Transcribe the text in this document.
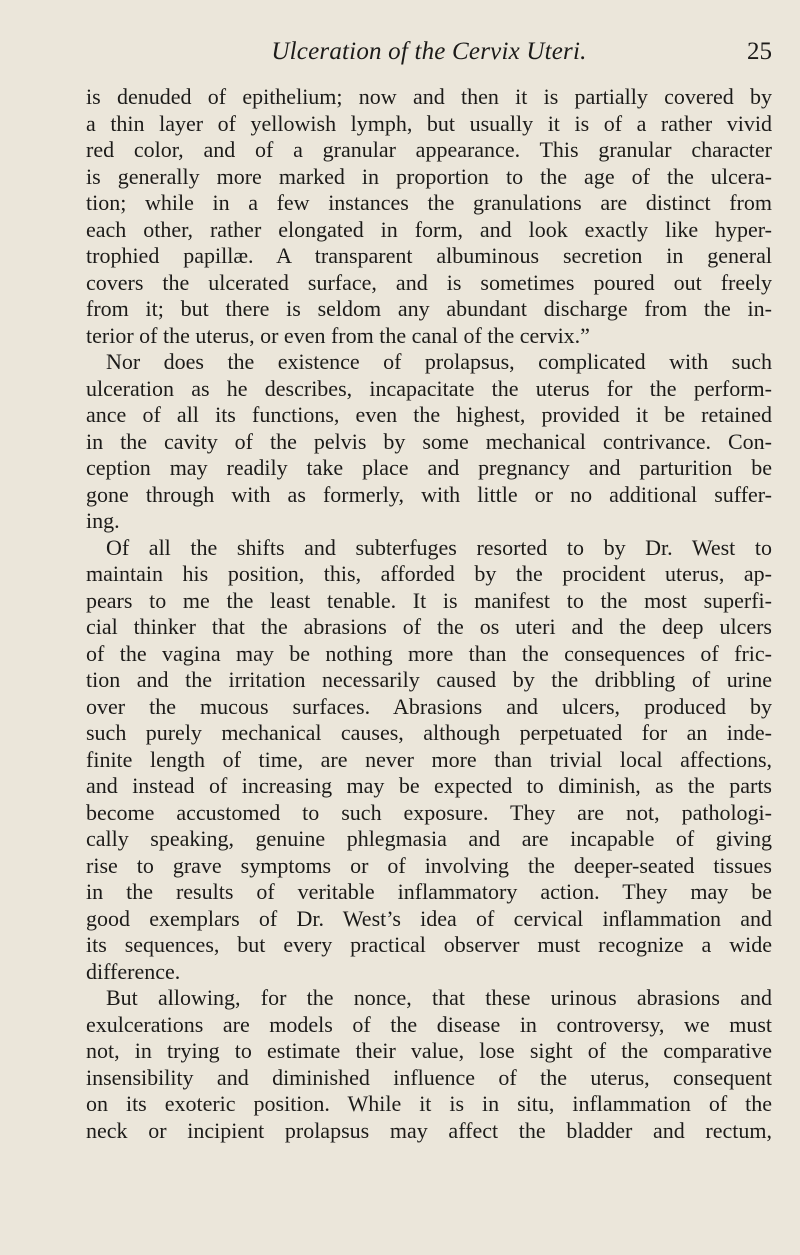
Ulceration of the Cervix Uteri.	25
is denuded of epithelium; now and then it is partially covered by
a thin layer of yellowish lymph, but usually it is of a rather vivid
red color, and of a granular appearance. This granular character
is generally more marked in proportion to the age of the ulcera-
tion; while in a few instances the granulations are distinct from
each other, rather elongated in form, and look exactly like hyper-
trophied papillæ. A transparent albuminous secretion in general
covers the ulcerated surface, and is sometimes poured out freely
from it; but there is seldom any abundant discharge from the in-
terior of the uterus, or even from the canal of the cervix.”
Nor does the existence of prolapsus, complicated with such
ulceration as he describes, incapacitate the uterus for the perform-
ance of all its functions, even the highest, provided it be retained
in the cavity of the pelvis by some mechanical contrivance. Con-
ception may readily take place and pregnancy and parturition be
gone through with as formerly, with little or no additional suffer-
ing.
Of all the shifts and subterfuges resorted to by Dr. West to
maintain his position, this, afforded by the procident uterus, ap-
pears to me the least tenable. It is manifest to the most superfi-
cial thinker that the abrasions of the os uteri and the deep ulcers
of the vagina may be nothing more than the consequences of fric-
tion and the irritation necessarily caused by the dribbling of urine
over the mucous surfaces. Abrasions and ulcers, produced by
such purely mechanical causes, although perpetuated for an inde-
finite length of time, are never more than trivial local affections,
and instead of increasing may be expected to diminish, as the parts
become accustomed to such exposure. They are not, pathologi-
cally speaking, genuine phlegmasia and are incapable of giving
rise to grave symptoms or of involving the deeper-seated tissues
in the results of veritable inflammatory action. They may be
good exemplars of Dr. West’s idea of cervical inflammation and
its sequences, but every practical observer must recognize a wide
difference.
But allowing, for the nonce, that these urinous abrasions and
exulcerations are models of the disease in controversy, we must
not, in trying to estimate their value, lose sight of the comparative
insensibility and diminished influence of the uterus, consequent
on its exoteric position. While it is in situ, inflammation of the
neck or incipient prolapsus may affect the bladder and rectum,
